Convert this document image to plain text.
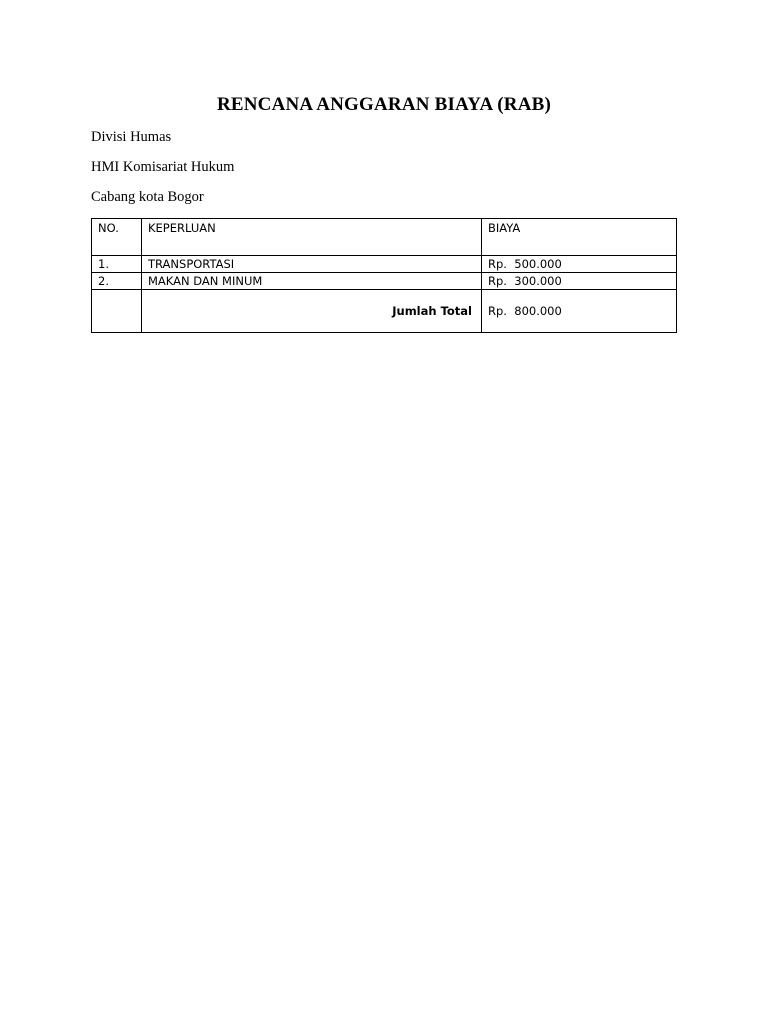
RENCANA ANGGARAN BIAYA (RAB)
Divisi Humas
HMI Komisariat Hukum
Cabang kota Bogor
NO.	KEPERLUAN	BIAYA
1.	TRANSPORTASI	Rp.  500.000
2.	MAKAN DAN MINUM	Rp.  300.000
	Jumlah Total	Rp.  800.000
